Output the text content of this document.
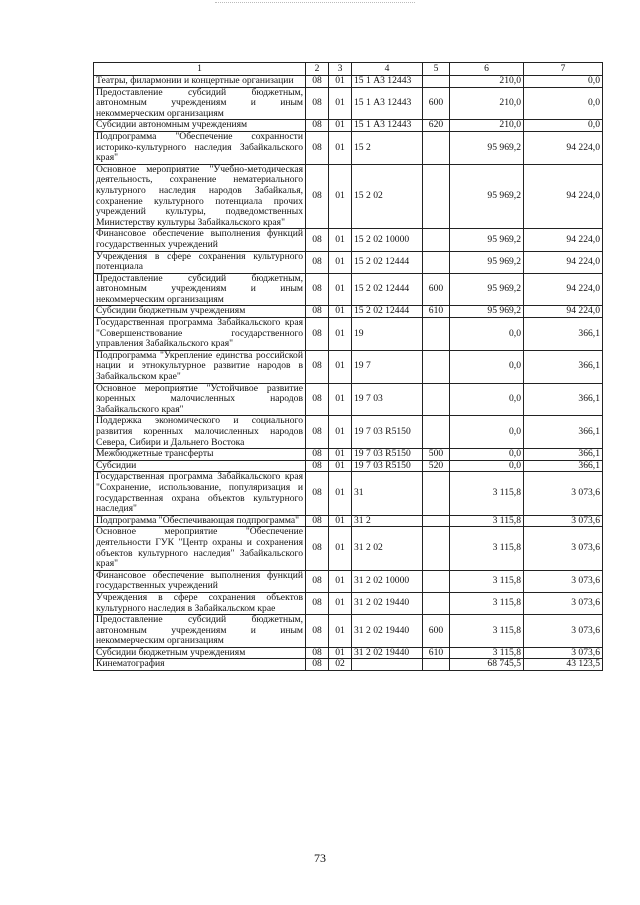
1	2	3	4	5	6	7
Театры, филармонии и концертные организации	08	01	15 1 А3 12443		210,0	0,0
Предоставление субсидий бюджетным, автономным учреждениям и иным некоммерческим организациям	08	01	15 1 А3 12443	600	210,0	0,0
Субсидии автономным учреждениям	08	01	15 1 А3 12443	620	210,0	0,0
Подпрограмма "Обеспечение сохранности историко-культурного наследия Забайкальского края"	08	01	15 2		95 969,2	94 224,0
Основное мероприятие "Учебно-методическая деятельность, сохранение нематериального культурного наследия народов Забайкалья, сохранение культурного потенциала прочих учреждений культуры, подведомственных Министерству культуры Забайкальского края"	08	01	15 2 02		95 969,2	94 224,0
Финансовое обеспечение выполнения функций государственных учреждений	08	01	15 2 02 10000		95 969,2	94 224,0
Учреждения в сфере сохранения культурного потенциала	08	01	15 2 02 12444		95 969,2	94 224,0
Предоставление субсидий бюджетным, автономным учреждениям и иным некоммерческим организациям	08	01	15 2 02 12444	600	95 969,2	94 224,0
Субсидии бюджетным учреждениям	08	01	15 2 02 12444	610	95 969,2	94 224,0
Государственная программа Забайкальского края "Совершенствование государственного управления Забайкальского края"	08	01	19		0,0	366,1
Подпрограмма "Укрепление единства российской нации и этнокультурное развитие народов в Забайкальском крае"	08	01	19 7		0,0	366,1
Основное мероприятие "Устойчивое развитие коренных малочисленных народов Забайкальского края"	08	01	19 7 03		0,0	366,1
Поддержка экономического и социального развития коренных малочисленных народов Севера, Сибири и Дальнего Востока	08	01	19 7 03 R5150		0,0	366,1
Межбюджетные трансферты	08	01	19 7 03 R5150	500	0,0	366,1
Субсидии	08	01	19 7 03 R5150	520	0,0	366,1
Государственная программа Забайкальского края "Сохранение, использование, популяризация и государственная охрана объектов культурного наследия"	08	01	31		3 115,8	3 073,6
Подпрограмма "Обеспечивающая подпрограмма"	08	01	31 2		3 115,8	3 073,6
Основное мероприятие "Обеспечение деятельности ГУК "Центр охраны и сохранения объектов культурного наследия" Забайкальского края"	08	01	31 2 02		3 115,8	3 073,6
Финансовое обеспечение выполнения функций государственных учреждений	08	01	31 2 02 10000		3 115,8	3 073,6
Учреждения в сфере сохранения объектов культурного наследия в Забайкальском крае	08	01	31 2 02 19440		3 115,8	3 073,6
Предоставление субсидий бюджетным, автономным учреждениям и иным некоммерческим организациям	08	01	31 2 02 19440	600	3 115,8	3 073,6
Субсидии бюджетным учреждениям	08	01	31 2 02 19440	610	3 115,8	3 073,6
Кинематография	08	02			68 745,5	43 123,5
73
